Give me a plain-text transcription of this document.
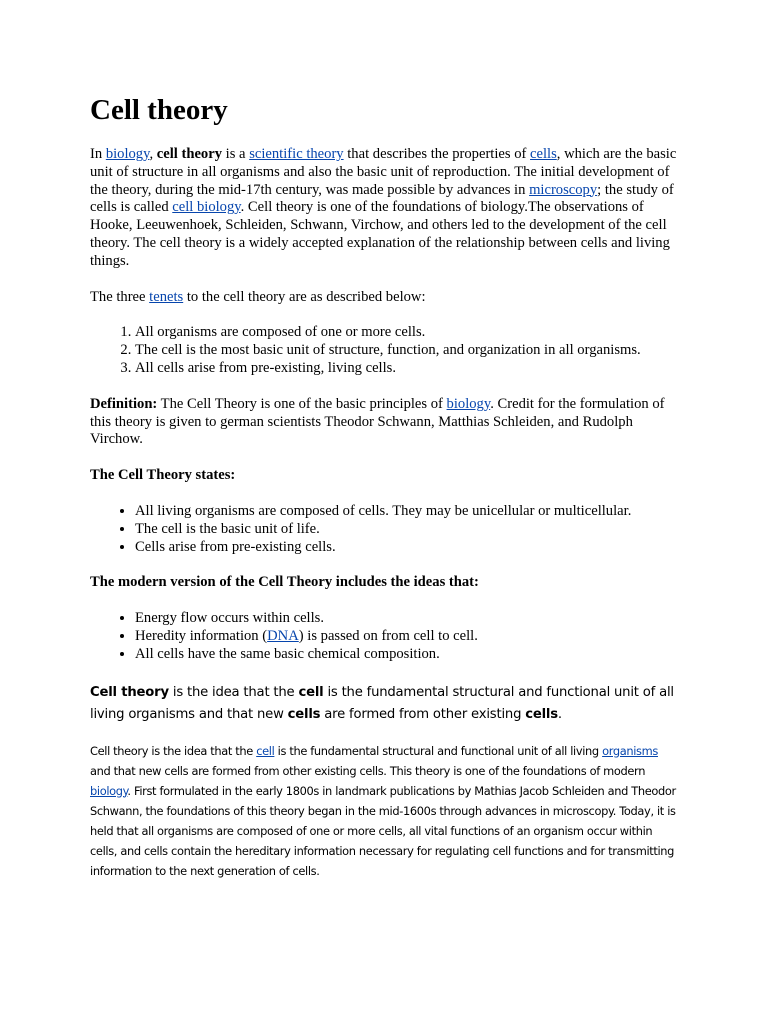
Cell theory

In biology, cell theory is a scientific theory that describes the properties of cells, which are the basic unit of structure in all organisms and also the basic unit of reproduction. The initial development of the theory, during the mid-17th century, was made possible by advances in microscopy; the study of cells is called cell biology. Cell theory is one of the foundations of biology.The observations of Hooke, Leeuwenhoek, Schleiden, Schwann, Virchow, and others led to the development of the cell theory. The cell theory is a widely accepted explanation of the relationship between cells and living things.

The three tenets to the cell theory are as described below:

1. All organisms are composed of one or more cells.
2. The cell is the most basic unit of structure, function, and organization in all organisms.
3. All cells arise from pre-existing, living cells.

Definition: The Cell Theory is one of the basic principles of biology. Credit for the formulation of this theory is given to german scientists Theodor Schwann, Matthias Schleiden, and Rudolph Virchow.

The Cell Theory states:

• All living organisms are composed of cells. They may be unicellular or multicellular.
• The cell is the basic unit of life.
• Cells arise from pre-existing cells.

The modern version of the Cell Theory includes the ideas that:

• Energy flow occurs within cells.
• Heredity information (DNA) is passed on from cell to cell.
• All cells have the same basic chemical composition.

Cell theory is the idea that the cell is the fundamental structural and functional unit of all living organisms and that new cells are formed from other existing cells.

Cell theory is the idea that the cell is the fundamental structural and functional unit of all living organisms and that new cells are formed from other existing cells. This theory is one of the foundations of modern biology. First formulated in the early 1800s in landmark publications by Mathias Jacob Schleiden and Theodor Schwann, the foundations of this theory began in the mid-1600s through advances in microscopy. Today, it is held that all organisms are composed of one or more cells, all vital functions of an organism occur within cells, and cells contain the hereditary information necessary for regulating cell functions and for transmitting information to the next generation of cells.
